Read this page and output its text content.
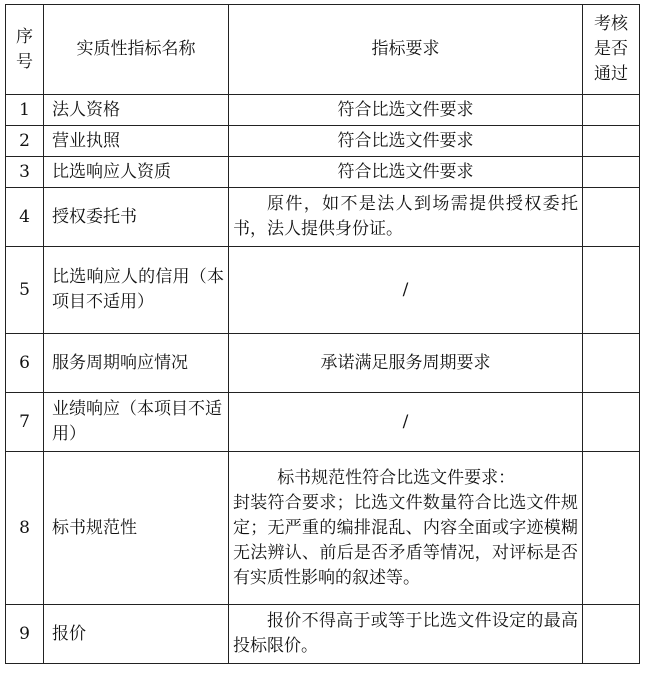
序
号	实质性指标名称	指标要求	考核
是否
通过

1	法人资格	符合比选文件要求	
2	营业执照	符合比选文件要求	
3	比选响应人资质	符合比选文件要求	
4	授权委托书	原件，如不是法人到场需提供授权委托书，法人提供身份证。	
5	比选响应人的信用（本项目不适用）	/	
6	服务周期响应情况	承诺满足服务周期要求	
7	业绩响应（本项目不适用）	/	
8	标书规范性	标书规范性符合比选文件要求：
封装符合要求；比选文件数量符合比选文件规定；无严重的编排混乱、内容全面或字迹模糊无法辨认、前后是否矛盾等情况，对评标是否有实质性影响的叙述等。	

9	报价	报价不得高于或等于比选文件设定的最高投标限价。	
